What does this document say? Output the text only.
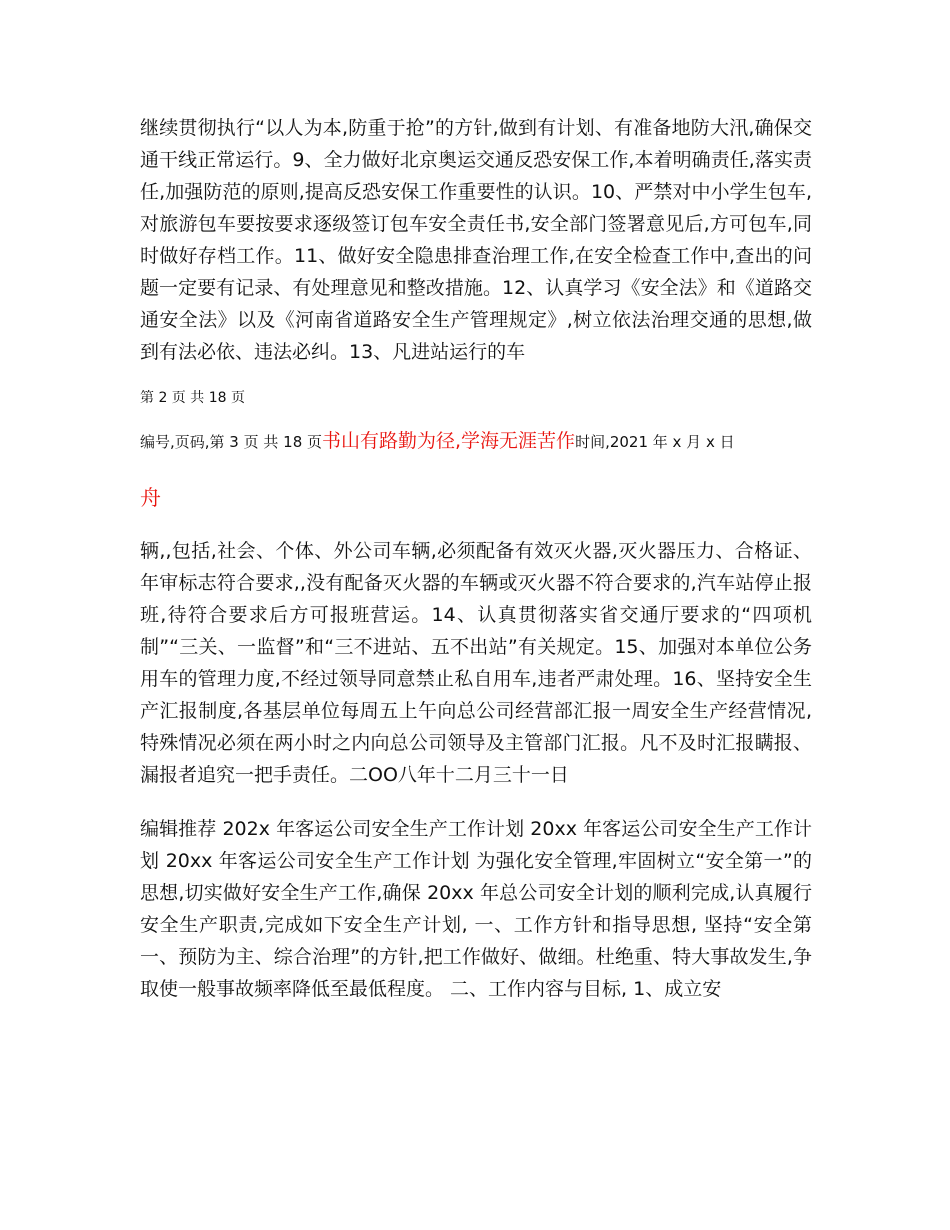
继续贯彻执行“以人为本,防重于抢”的方针,做到有计划、有准备地防大汛,确保交通干线正常运行。9、全力做好北京奥运交通反恐安保工作,本着明确责任,落实责任,加强防范的原则,提高反恐安保工作重要性的认识。10、严禁对中小学生包车,对旅游包车要按要求逐级签订包车安全责任书,安全部门签署意见后,方可包车,同时做好存档工作。11、做好安全隐患排查治理工作,在安全检查工作中,查出的问题一定要有记录、有处理意见和整改措施。12、认真学习《安全法》和《道路交通安全法》以及《河南省道路安全生产管理规定》,树立依法治理交通的思想,做到有法必依、违法必纠。13、凡进站运行的车

第 2 页 共 18 页

编号,页码,第 3 页 共 18 页书山有路勤为径,学海无涯苦作时间,2021 年 x 月 x 日

舟

辆,,包括,社会、个体、外公司车辆,必须配备有效灭火器,灭火器压力、合格证、年审标志符合要求,,没有配备灭火器的车辆或灭火器不符合要求的,汽车站停止报班,待符合要求后方可报班营运。14、认真贯彻落实省交通厅要求的“四项机制”“三关、一监督”和“三不进站、五不出站”有关规定。15、加强对本单位公务用车的管理力度,不经过领导同意禁止私自用车,违者严肃处理。16、坚持安全生产汇报制度,各基层单位每周五上午向总公司经营部汇报一周安全生产经营情况,特殊情况必须在两小时之内向总公司领导及主管部门汇报。凡不及时汇报瞒报、漏报者追究一把手责任。二OO八年十二月三十一日

编辑推荐 202x 年客运公司安全生产工作计划 20xx 年客运公司安全生产工作计划 20xx 年客运公司安全生产工作计划 为强化安全管理,牢固树立“安全第一”的思想,切实做好安全生产工作,确保 20xx 年总公司安全计划的顺利完成,认真履行安全生产职责,完成如下安全生产计划, 一、工作方针和指导思想, 坚持“安全第一、预防为主、综合治理”的方针,把工作做好、做细。杜绝重、特大事故发生,争取使一般事故频率降低至最低程度。 二、工作内容与目标, 1、成立安
